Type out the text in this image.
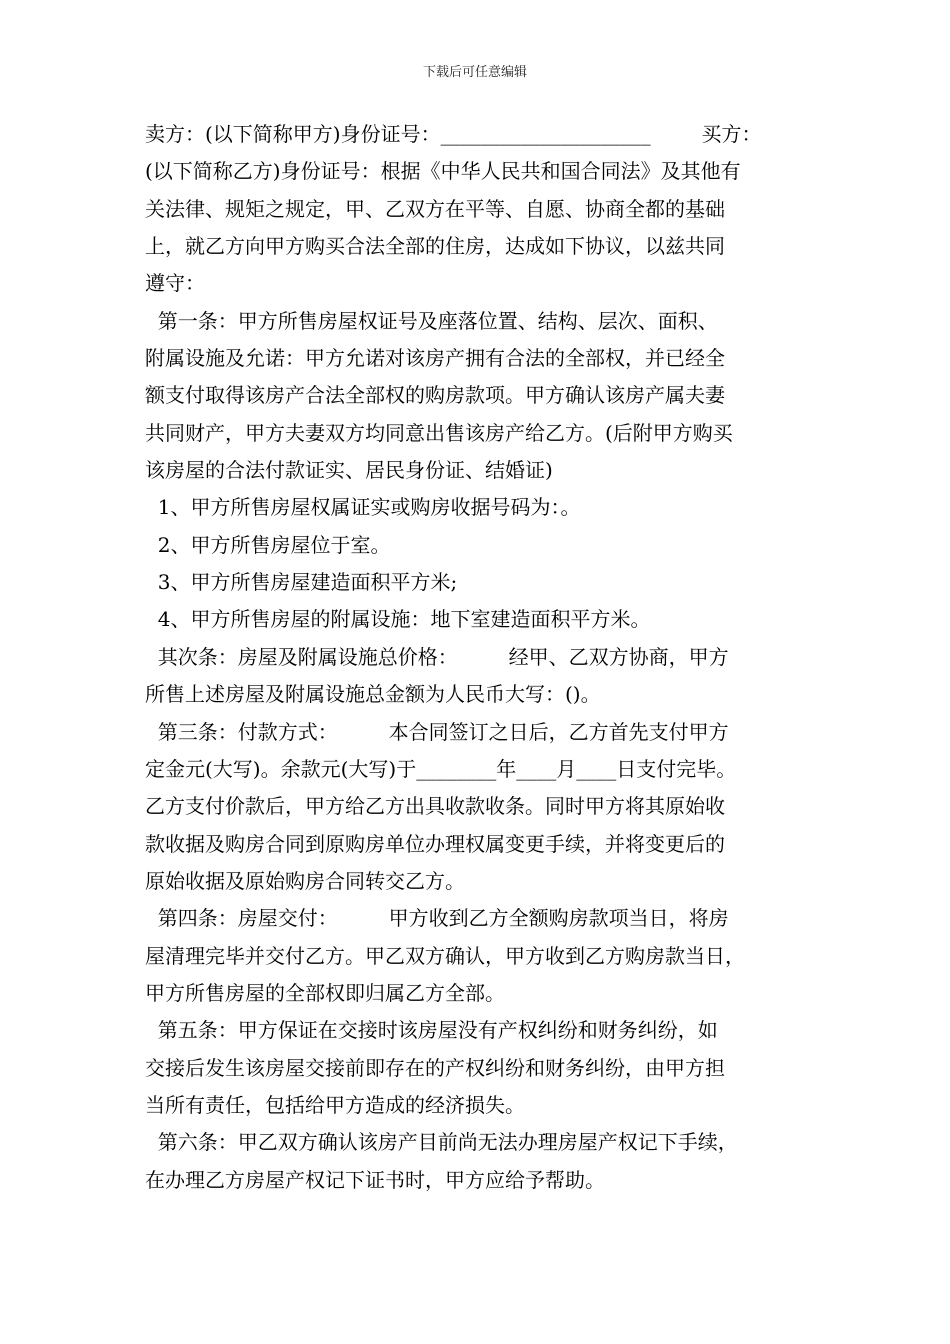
下载后可任意编辑
卖方：(以下简称甲方)身份证号：_____________________        买方：
(以下简称乙方)身份证号：根据《中华人民共和国合同法》及其他有
关法律、规矩之规定，甲、乙双方在平等、自愿、协商全都的基础
上，就乙方向甲方购买合法全部的住房，达成如下协议，以兹共同
遵守：
第一条：甲方所售房屋权证号及座落位置、结构、层次、面积、
附属设施及允诺：甲方允诺对该房产拥有合法的全部权，并已经全
额支付取得该房产合法全部权的购房款项。甲方确认该房产属夫妻
共同财产，甲方夫妻双方均同意出售该房产给乙方。(后附甲方购买
该房屋的合法付款证实、居民身份证、结婚证)
1、甲方所售房屋权属证实或购房收据号码为：。
2、甲方所售房屋位于室。
3、甲方所售房屋建造面积平方米;
4、甲方所售房屋的附属设施：地下室建造面积平方米。
其次条：房屋及附属设施总价格：        经甲、乙双方协商，甲方
所售上述房屋及附属设施总金额为人民币大写：()。
第三条：付款方式：        本合同签订之日后，乙方首先支付甲方
定金元(大写)。余款元(大写)于________年____月____日支付完毕。
乙方支付价款后，甲方给乙方出具收款收条。同时甲方将其原始收
款收据及购房合同到原购房单位办理权属变更手续，并将变更后的
原始收据及原始购房合同转交乙方。
第四条：房屋交付：        甲方收到乙方全额购房款项当日，将房
屋清理完毕并交付乙方。甲乙双方确认，甲方收到乙方购房款当日，
甲方所售房屋的全部权即归属乙方全部。
第五条：甲方保证在交接时该房屋没有产权纠纷和财务纠纷，如
交接后发生该房屋交接前即存在的产权纠纷和财务纠纷，由甲方担
当所有责任，包括给甲方造成的经济损失。
第六条：甲乙双方确认该房产目前尚无法办理房屋产权记下手续，
在办理乙方房屋产权记下证书时，甲方应给予帮助。
